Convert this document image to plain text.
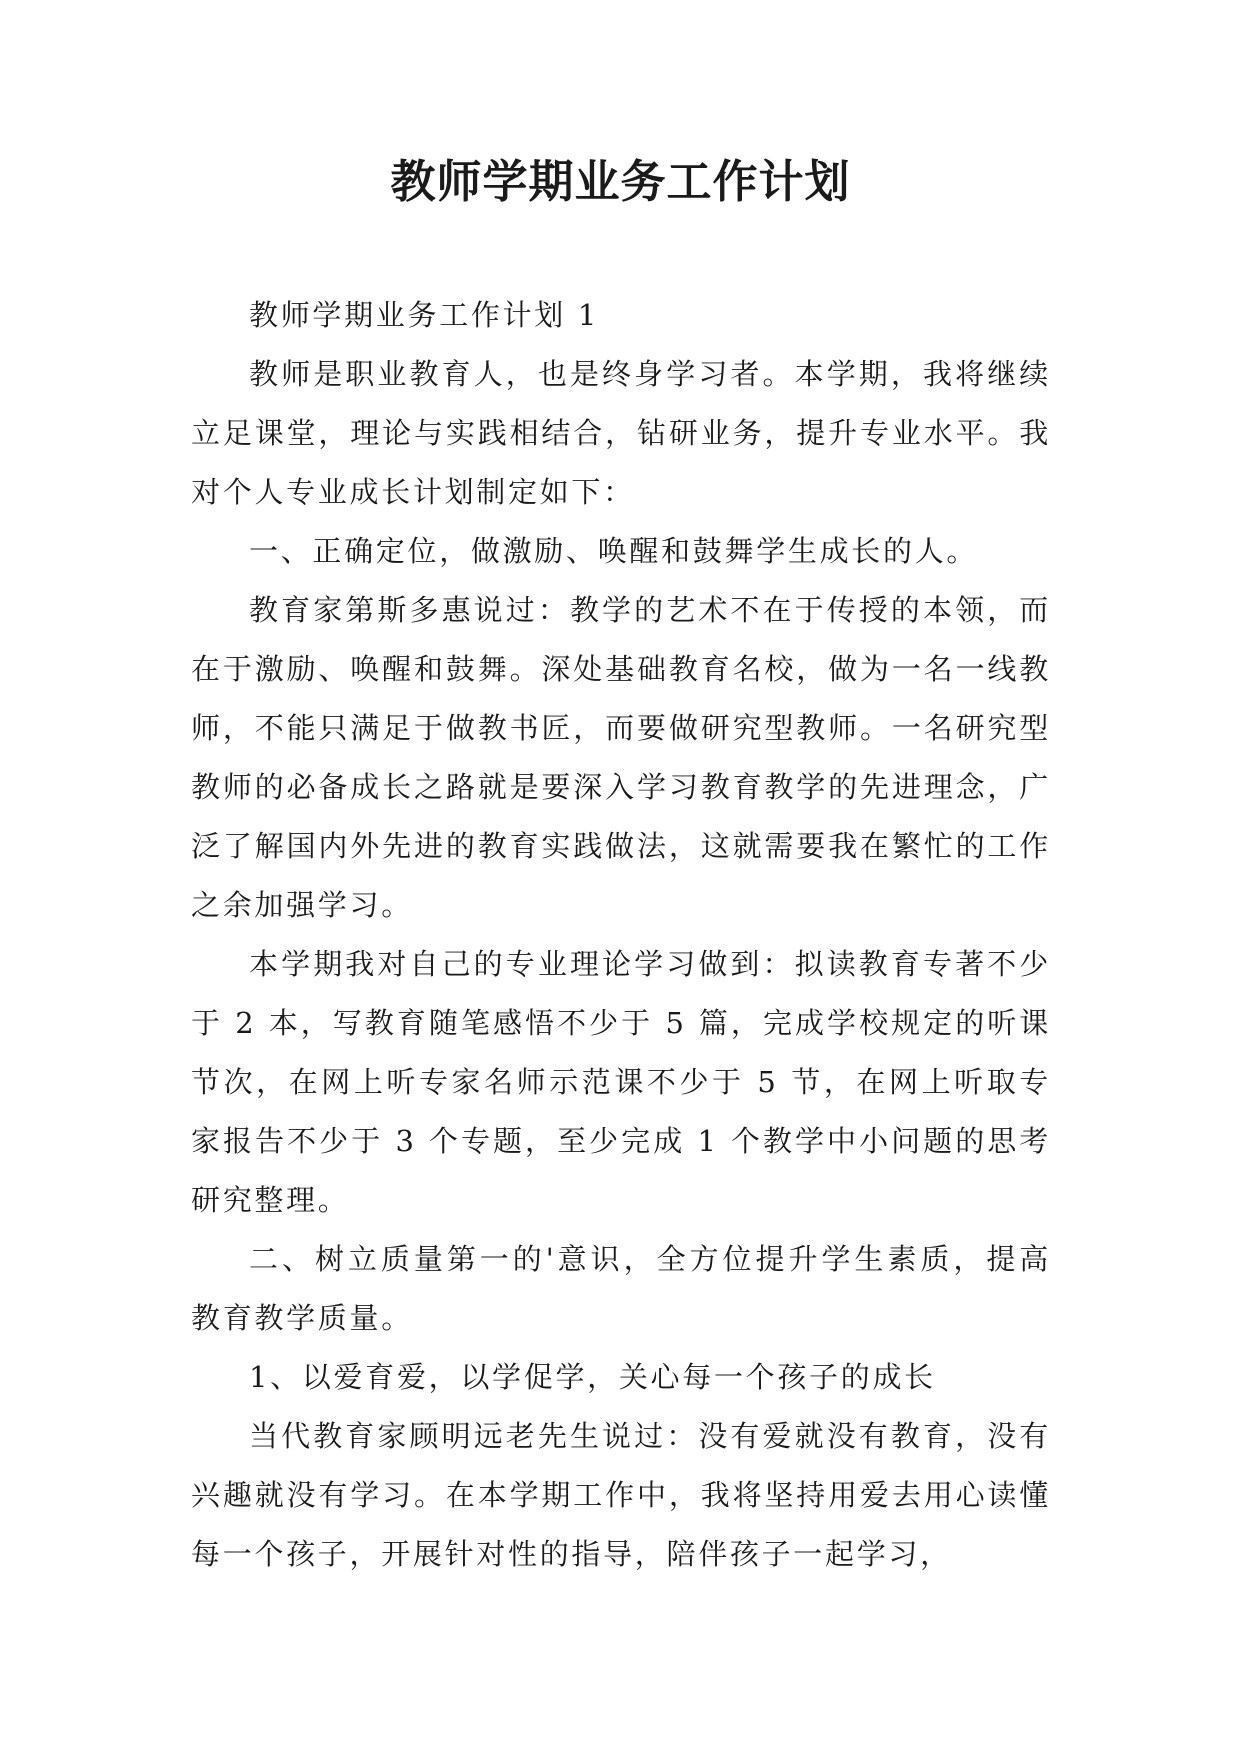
教师学期业务工作计划

教师学期业务工作计划 1

教师是职业教育人，也是终身学习者。本学期，我将继续立足课堂，理论与实践相结合，钻研业务，提升专业水平。我对个人专业成长计划制定如下：

一、正确定位，做激励、唤醒和鼓舞学生成长的人。

教育家第斯多惠说过：教学的艺术不在于传授的本领，而在于激励、唤醒和鼓舞。深处基础教育名校，做为一名一线教师，不能只满足于做教书匠，而要做研究型教师。一名研究型教师的必备成长之路就是要深入学习教育教学的先进理念，广泛了解国内外先进的教育实践做法，这就需要我在繁忙的工作之余加强学习。

本学期我对自己的专业理论学习做到：拟读教育专著不少于 2 本，写教育随笔感悟不少于 5 篇，完成学校规定的听课节次，在网上听专家名师示范课不少于 5 节，在网上听取专家报告不少于 3 个专题，至少完成 1 个教学中小问题的思考研究整理。

二、树立质量第一的'意识，全方位提升学生素质，提高教育教学质量。

1、以爱育爱，以学促学，关心每一个孩子的成长

当代教育家顾明远老先生说过：没有爱就没有教育，没有兴趣就没有学习。在本学期工作中，我将坚持用爱去用心读懂每一个孩子，开展针对性的指导，陪伴孩子一起学习，
